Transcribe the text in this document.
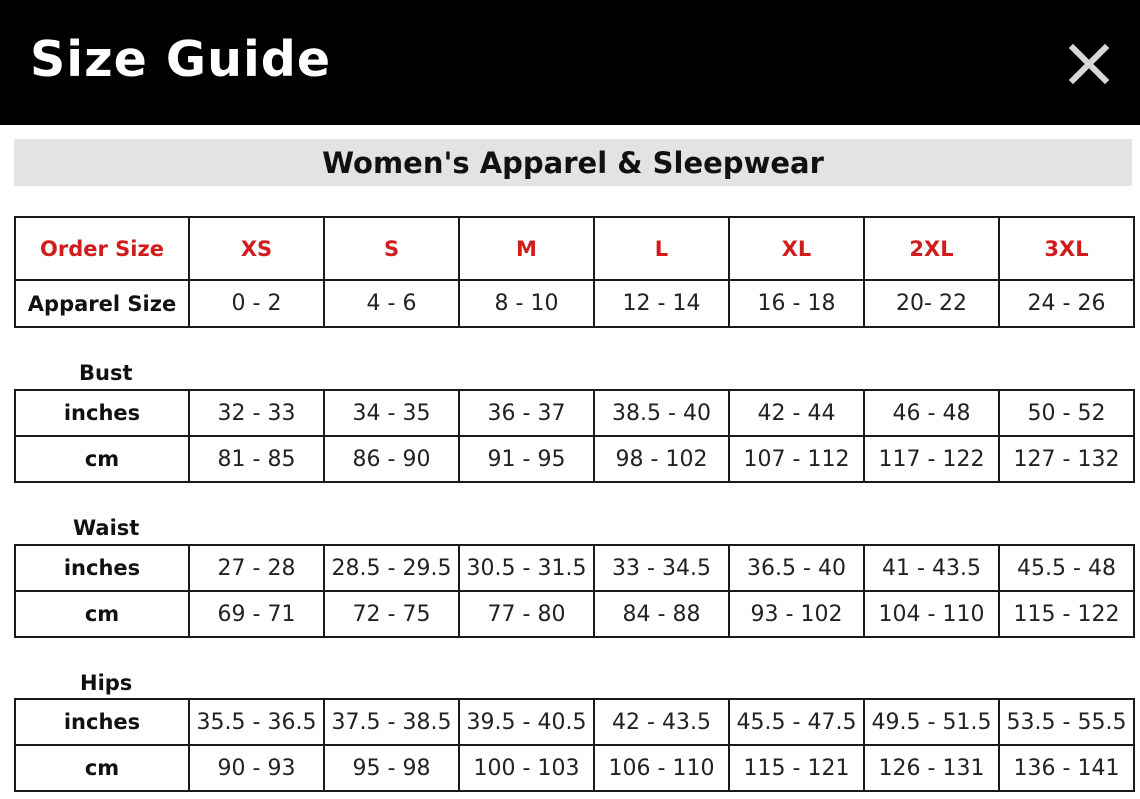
Size Guide
Women's Apparel & Sleepwear
Order Size	XS	S	M	L	XL	2XL	3XL
Apparel Size	0 - 2	4 - 6	8 - 10	12 - 14	16 - 18	20- 22	24 - 26
Bust
inches	32 - 33	34 - 35	36 - 37	38.5 - 40	42 - 44	46 - 48	50 - 52
cm	81 - 85	86 - 90	91 - 95	98 - 102	107 - 112	117 - 122	127 - 132
Waist
inches	27 - 28	28.5 - 29.5	30.5 - 31.5	33 - 34.5	36.5 - 40	41 - 43.5	45.5 - 48
cm	69 - 71	72 - 75	77 - 80	84 - 88	93 - 102	104 - 110	115 - 122
Hips
inches	35.5 - 36.5	37.5 - 38.5	39.5 - 40.5	42 - 43.5	45.5 - 47.5	49.5 - 51.5	53.5 - 55.5
cm	90 - 93	95 - 98	100 - 103	106 - 110	115 - 121	126 - 131	136 - 141
